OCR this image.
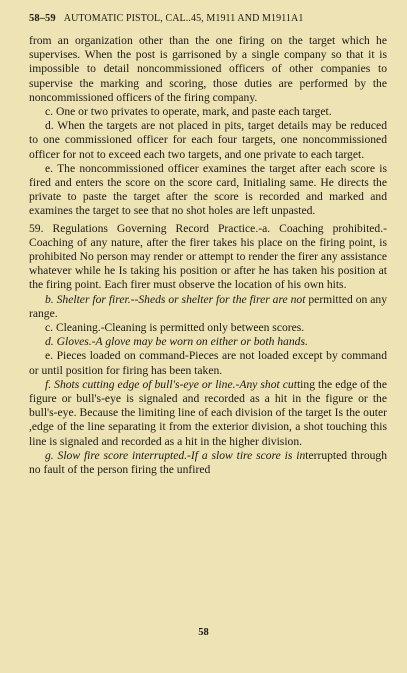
58–59 AUTOMATIC PISTOL, CAL..45, M1911 AND M1911A1

from an organization other than the one firing on the target which he supervises. When the post is garrisoned by a single company so that it is impossible to detail noncommissioned officers of other companies to supervise the marking and scoring, those duties are performed by the noncommissioned officers of the firing company.

c. One or two privates to operate, mark, and paste each target.

d. When the targets are not placed in pits, target details may be reduced to one commissioned officer for each four targets, one noncommissioned officer for not to exceed each two targets, and one private to each target.

e. The noncommissioned officer examines the target after each score is fired and enters the score on the score card, Initialing same. He directs the private to paste the target after the score is recorded and marked and examines the target to see that no shot holes are left unpasted.

59. Regulations Governing Record Practice.-a. Coaching prohibited.-Coaching of any nature, after the firer takes his place on the firing point, is prohibited No person may render or attempt to render the firer any assistance whatever while he Is taking his position or after he has taken his position at the firing point. Each firer must observe the location of his own hits.

b. Shelter for firer.--Sheds or shelter for the firer are not permitted on any range.

c. Cleaning.-Cleaning is permitted only between scores.

d. Gloves.-A glove may be worn on either or both hands.

e. Pieces loaded on command-Pieces are not loaded except by command or until position for firing has been taken.

f. Shots cutting edge of bull's-eye or line.-Any shot cutting the edge of the figure or bull's-eye is signaled and recorded as a hit in the figure or the bull's-eye. Because the limiting line of each division of the target Is the outer ,edge of the line separating it from the exterior division, a shot touching this line is signaled and recorded as a hit in the higher division.

g. Slow fire score interrupted.-If a slow tire score is interrupted through no fault of the person firing the unfired

58
